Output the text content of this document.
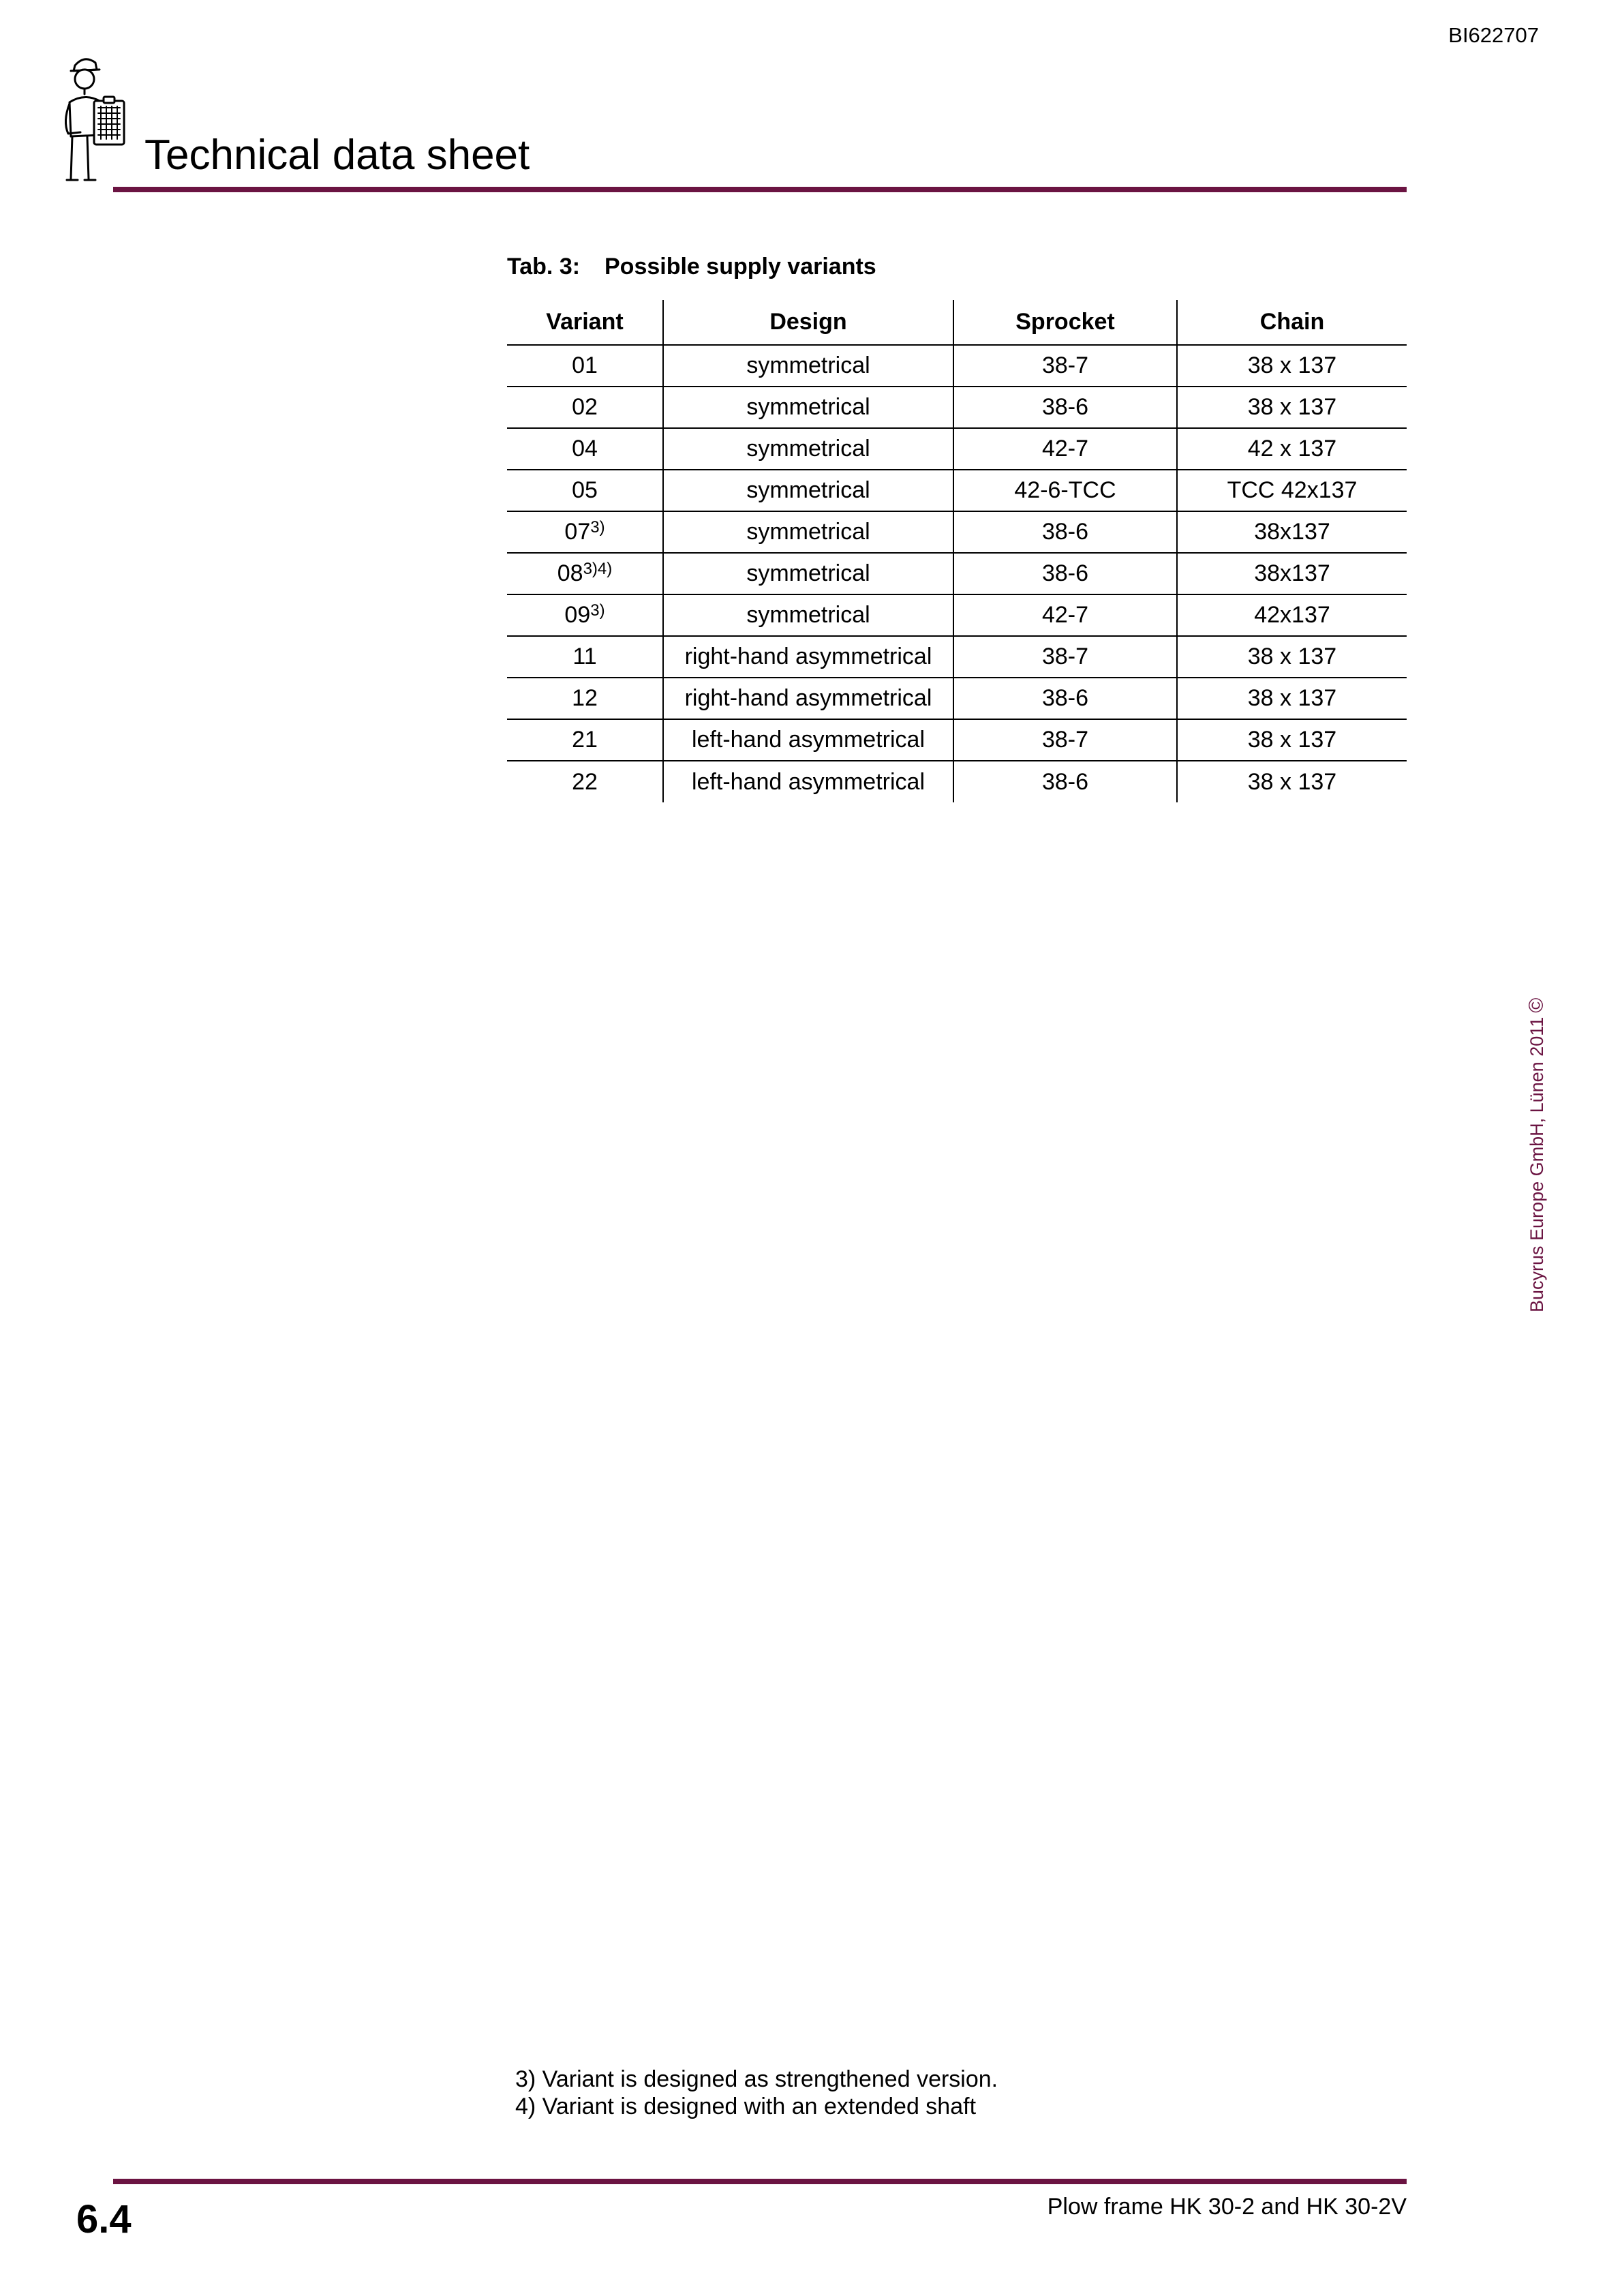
BI622707
Technical data sheet
Tab. 3: Possible supply variants
Variant	Design	Sprocket	Chain
01	symmetrical	38-7	38 x 137
02	symmetrical	38-6	38 x 137
04	symmetrical	42-7	42 x 137
05	symmetrical	42-6-TCC	TCC 42x137
07$^{3)}$	symmetrical	38-6	38x137
$08^{3)4)}$	symmetrical	38-6	38x137
09$^{3)}$	symmetrical	42-7	42x137
11	right-hand asymmetrical	38-7	38 x 137
12	right-hand asymmetrical	38-6	38 x 137
21	left-hand asymmetrical	38-7	38 x 137
22	left-hand asymmetrical	38-6	38 x 137
Bucyrus Europe GmbH, Lünen 2011©
3) Variant is designed as strengthened version.
4) Variant is designed with an extended shaft
6.4	Plow frame HK 30-2 and HK 30-2V
